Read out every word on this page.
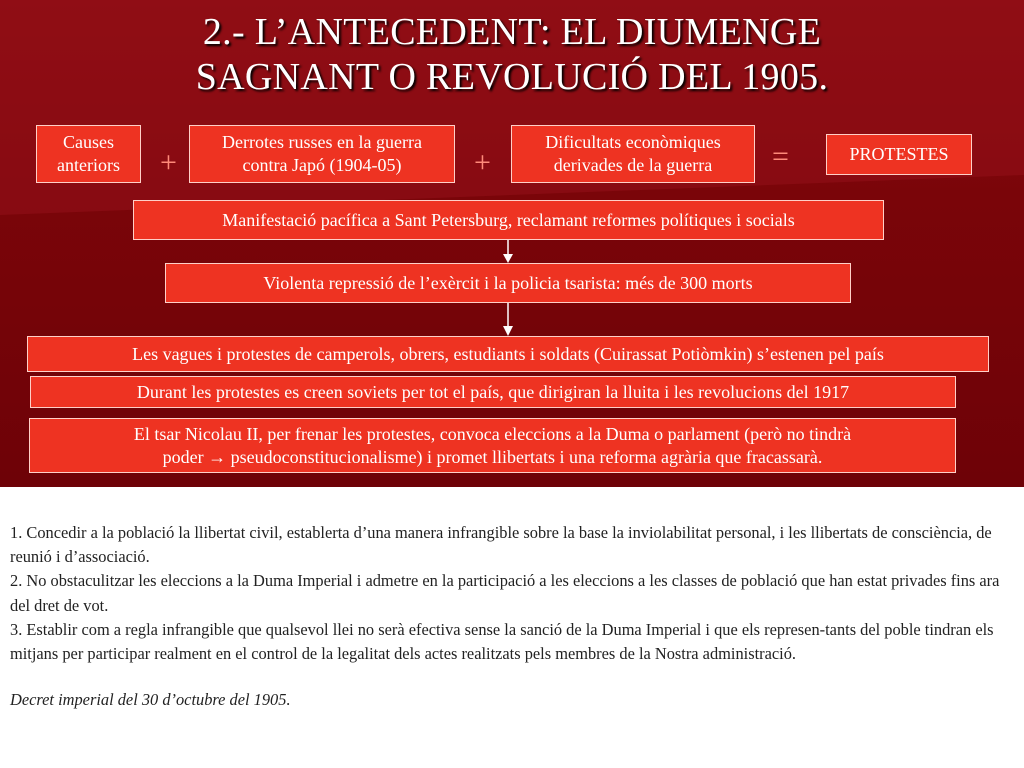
2.- L’ANTECEDENT: EL DIUMENGE
SAGNANT O REVOLUCIÓ DEL 1905.
Causes
anteriors +
Derrotes russes en la guerra
contra Japó (1904-05) +
Dificultats econòmiques
derivades de la guerra =	PROTESTES
Manifestació pacífica a Sant Petersburg, reclamant reformes polítiques i socials
Violenta repressió de l’exèrcit i la policia tsarista: més de 300 morts
Les vagues i protestes de camperols, obrers, estudiants i soldats (Cuirassat Potiòmkin) s’estenen pel país
Durant les protestes es creen soviets per tot el país, que dirigiran la lluita i les revolucions del 1917
El tsar Nicolau II, per frenar les protestes, convoca eleccions a la Duma o parlament (però no tindrà
poder → pseudoconstitucionalisme) i promet llibertats i una reforma agrària que fracassarà.

1. Concedir a la població la llibertat civil, establerta d’una manera infrangible sobre la base la inviolabilitat personal, i les llibertats de consciència, de reunió i d’associació.

2. No obstaculitzar les eleccions a la Duma Imperial i admetre en la participació a les eleccions a les classes de població que han estat privades fins ara del dret de vot.

3. Establir com a regla infrangible que qualsevol llei no serà efectiva sense la sanció de la Duma Imperial i que els represen-tants del poble tindran els mitjans per participar realment en el control de la legalitat dels actes realitzats pels membres de la Nostra administració.

Decret imperial del 30 d’octubre del 1905.
